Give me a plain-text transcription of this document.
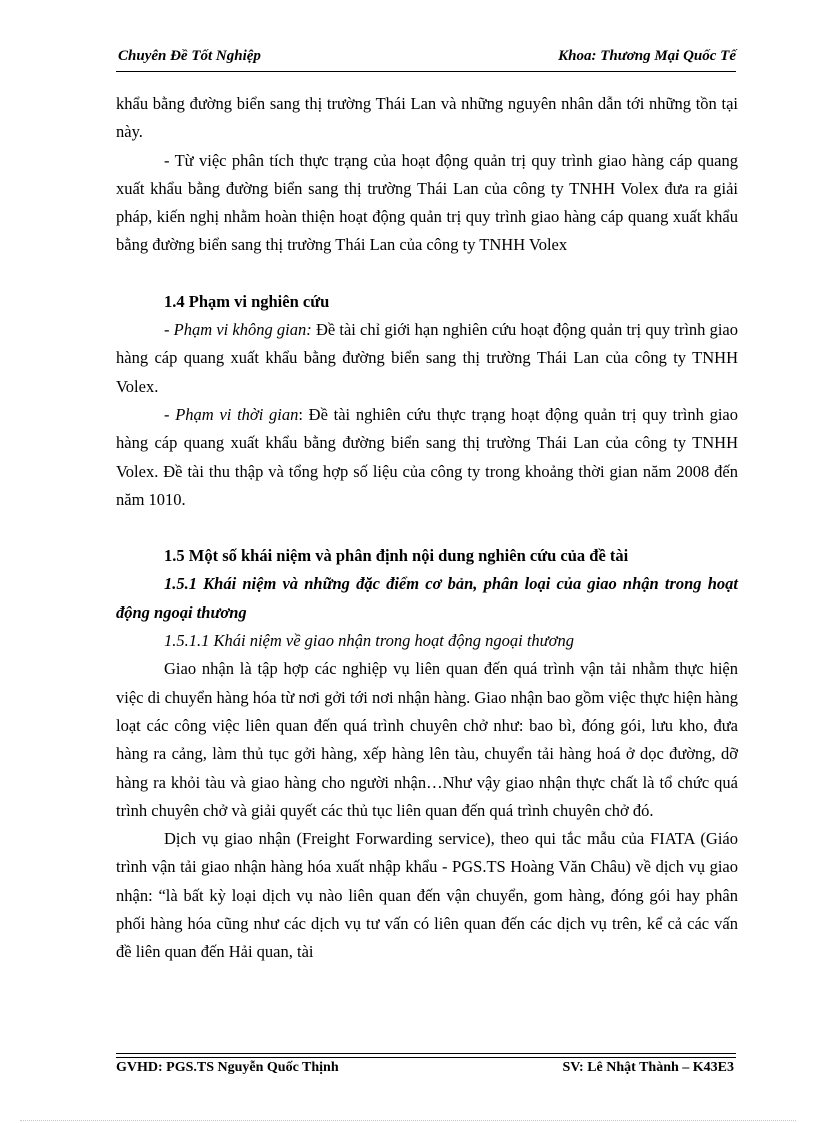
Chuyên Đề Tốt Nghiệp	Khoa: Thương Mại Quốc Tế

khẩu bằng đường biển sang thị trường Thái Lan và những nguyên nhân dẫn tới những tồn tại này.

- Từ việc phân tích thực trạng của hoạt động quản trị quy trình giao hàng cáp quang xuất khẩu bằng đường biển sang thị trường Thái Lan của công ty TNHH Volex đưa ra giải pháp, kiến nghị nhằm hoàn thiện hoạt động quản trị quy trình giao hàng cáp quang xuất khẩu bằng đường biển sang thị trường Thái Lan của công ty TNHH Volex

1.4 Phạm vi nghiên cứu

- Phạm vi không gian: Đề tài chỉ giới hạn nghiên cứu hoạt động quản trị quy trình giao hàng cáp quang xuất khẩu bằng đường biển sang thị trường Thái Lan của công ty TNHH Volex.

- Phạm vi thời gian: Đề tài nghiên cứu thực trạng hoạt động quản trị quy trình giao hàng cáp quang xuất khẩu bằng đường biển sang thị trường Thái Lan của công ty TNHH Volex. Đề tài thu thập và tổng hợp số liệu của công ty trong khoảng thời gian năm 2008 đến năm 1010.

1.5 Một số khái niệm và phân định nội dung nghiên cứu của đề tài

1.5.1 Khái niệm và những đặc điểm cơ bản, phân loại của giao nhận trong hoạt động ngoại thương

1.5.1.1 Khái niệm về giao nhận trong hoạt động ngoại thương

Giao nhận là tập hợp các nghiệp vụ liên quan đến quá trình vận tải nhằm thực hiện việc di chuyển hàng hóa từ nơi gởi tới nơi nhận hàng. Giao nhận bao gồm việc thực hiện hàng loạt các công việc liên quan đến quá trình chuyên chở như: bao bì, đóng gói, lưu kho, đưa hàng ra cảng, làm thủ tục gởi hàng, xếp hàng lên tàu, chuyển tải hàng hoá ở dọc đường, dỡ hàng ra khỏi tàu và giao hàng cho người nhận…Như vậy giao nhận thực chất là tổ chức quá trình chuyên chở và giải quyết các thủ tục liên quan đến quá trình chuyên chở đó.

Dịch vụ giao nhận (Freight Forwarding service), theo qui tắc mẫu của FIATA (Giáo trình vận tải giao nhận hàng hóa xuất nhập khẩu - PGS.TS Hoàng Văn Châu) về dịch vụ giao nhận: “là bất kỳ loại dịch vụ nào liên quan đến vận chuyển, gom hàng, đóng gói hay phân phối hàng hóa cũng như các dịch vụ tư vấn có liên quan đến các dịch vụ trên, kể cả các vấn đề liên quan đến Hải quan, tài

GVHD: PGS.TS Nguyễn Quốc Thịnh	SV: Lê Nhật Thành – K43E3
